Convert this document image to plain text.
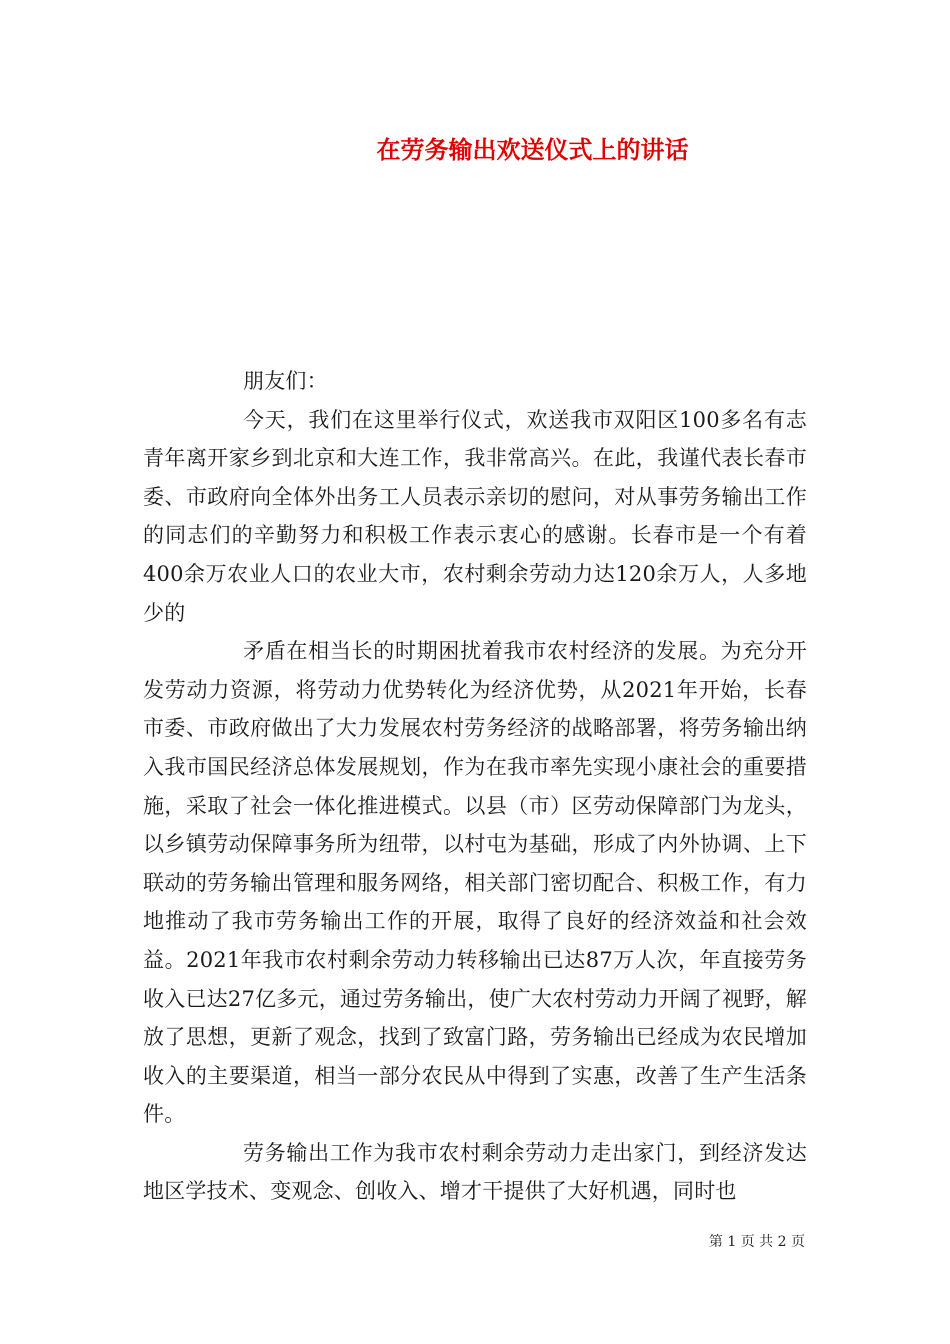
在劳务输出欢送仪式上的讲话

朋友们：

今天，我们在这里举行仪式，欢送我市双阳区100多名有志青年离开家乡到北京和大连工作，我非常高兴。在此，我谨代表长春市委、市政府向全体外出务工人员表示亲切的慰问，对从事劳务输出工作的同志们的辛勤努力和积极工作表示衷心的感谢。长春市是一个有着400余万农业人口的农业大市，农村剩余劳动力达120余万人，人多地少的

矛盾在相当长的时期困扰着我市农村经济的发展。为充分开发劳动力资源，将劳动力优势转化为经济优势，从2021年开始，长春市委、市政府做出了大力发展农村劳务经济的战略部署，将劳务输出纳入我市国民经济总体发展规划，作为在我市率先实现小康社会的重要措施，采取了社会一体化推进模式。以县（市）区劳动保障部门为龙头，以乡镇劳动保障事务所为纽带，以村屯为基础，形成了内外协调、上下联动的劳务输出管理和服务网络，相关部门密切配合、积极工作，有力地推动了我市劳务输出工作的开展，取得了良好的经济效益和社会效益。2021年我市农村剩余劳动力转移输出已达87万人次，年直接劳务收入已达27亿多元，通过劳务输出，使广大农村劳动力开阔了视野，解放了思想，更新了观念，找到了致富门路，劳务输出已经成为农民增加收入的主要渠道，相当一部分农民从中得到了实惠，改善了生产生活条件。

劳务输出工作为我市农村剩余劳动力走出家门，到经济发达地区学技术、变观念、创收入、增才干提供了大好机遇，同时也

第 1 页 共 2 页
